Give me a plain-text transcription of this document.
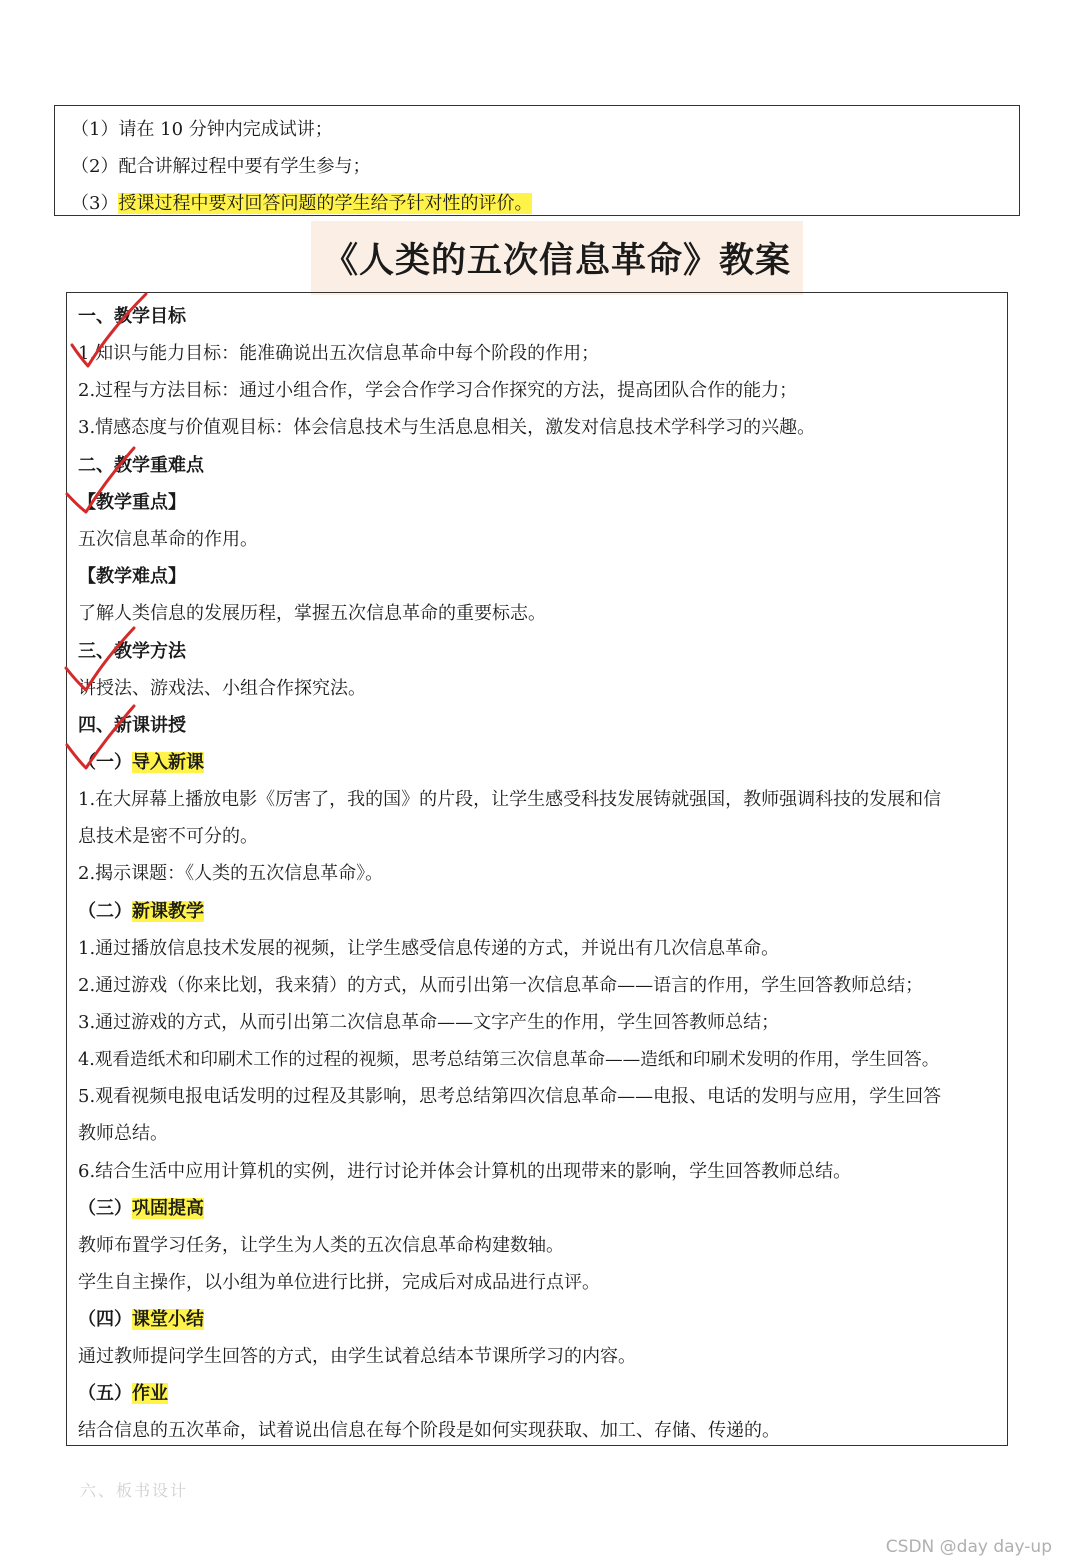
（1）请在 10 分钟内完成试讲；
（2）配合讲解过程中要有学生参与；
（3）授课过程中要对回答问题的学生给予针对性的评价。
《人类的五次信息革命》教案
一、教学目标
1.知识与能力目标：能准确说出五次信息革命中每个阶段的作用；
2.过程与方法目标：通过小组合作，学会合作学习合作探究的方法，提高团队合作的能力；
3.情感态度与价值观目标：体会信息技术与生活息息相关，激发对信息技术学科学习的兴趣。
二、教学重难点
【教学重点】
五次信息革命的作用。
【教学难点】
了解人类信息的发展历程，掌握五次信息革命的重要标志。
三、教学方法
讲授法、游戏法、小组合作探究法。
四、新课讲授
（一）导入新课
1.在大屏幕上播放电影《厉害了，我的国》的片段，让学生感受科技发展铸就强国，教师强调科技的发展和信
息技术是密不可分的。
2.揭示课题：《人类的五次信息革命》。
（二）新课教学
1.通过播放信息技术发展的视频，让学生感受信息传递的方式，并说出有几次信息革命。
2.通过游戏（你来比划，我来猜）的方式，从而引出第一次信息革命——语言的作用，学生回答教师总结；
3.通过游戏的方式，从而引出第二次信息革命——文字产生的作用，学生回答教师总结；
4.观看造纸术和印刷术工作的过程的视频，思考总结第三次信息革命——造纸和印刷术发明的作用，学生回答。
5.观看视频电报电话发明的过程及其影响，思考总结第四次信息革命——电报、电话的发明与应用，学生回答
教师总结。
6.结合生活中应用计算机的实例，进行讨论并体会计算机的出现带来的影响，学生回答教师总结。
（三）巩固提高
教师布置学习任务，让学生为人类的五次信息革命构建数轴。
学生自主操作，以小组为单位进行比拼，完成后对成品进行点评。
（四）课堂小结
通过教师提问学生回答的方式，由学生试着总结本节课所学习的内容。
（五）作业
结合信息的五次革命，试着说出信息在每个阶段是如何实现获取、加工、存储、传递的。
六、板书设计
CSDN @day day-up
